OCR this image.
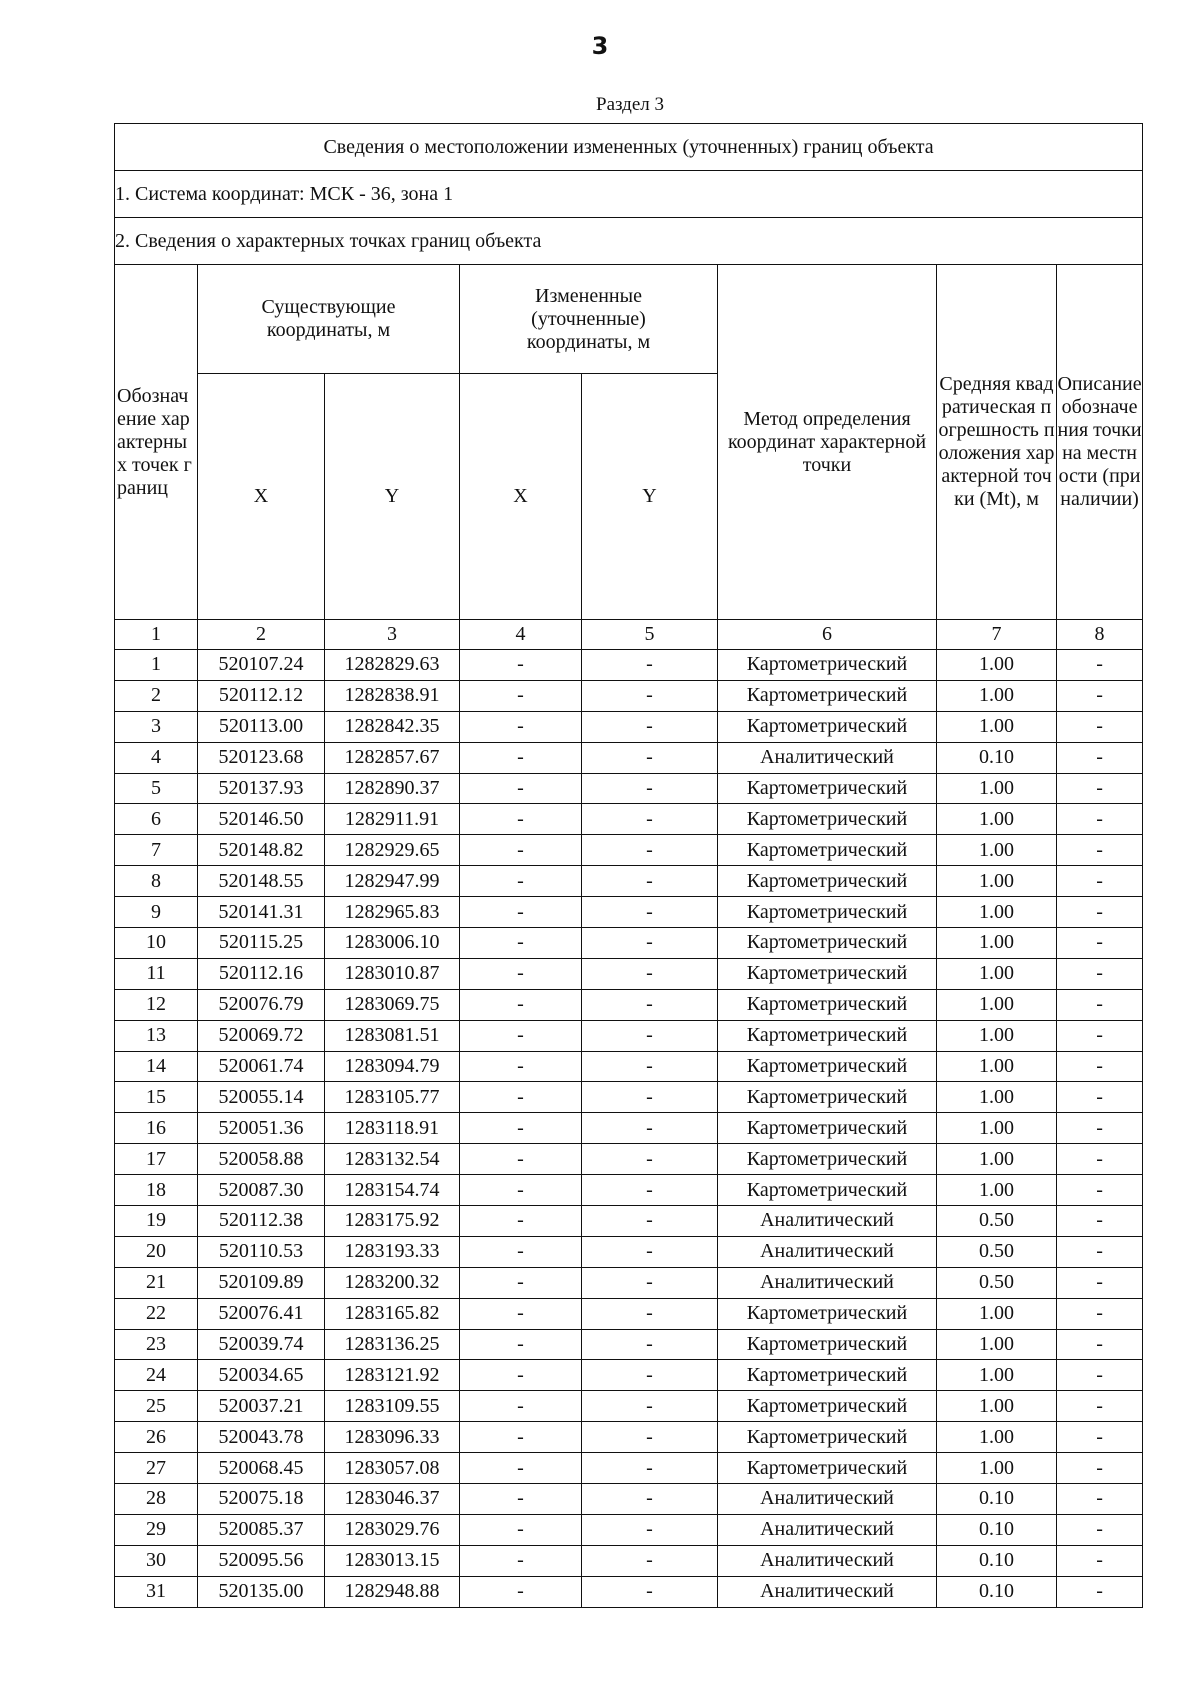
3
Раздел 3
Сведения о местоположении измененных (уточненных) границ объекта							
1. Система координат: МСК - 36, зона 1							
2. Сведения о характерных точках границ объекта							
Обозначение характерных точек границ	Существующие координаты, м		Измененные (уточненные) координаты, м		Метод определения координат характерной точки	Средняя квадратическая погрешность положения характерной точки (Mt), м	Описание обозначения точки на местности (при наличии)
	X	Y	X	Y			
1	2	3	4	5	6	7	8
1	520107.24	1282829.63	-	-	Картометрический	1.00	-
2	520112.12	1282838.91	-	-	Картометрический	1.00	-
3	520113.00	1282842.35	-	-	Картометрический	1.00	-
4	520123.68	1282857.67	-	-	Аналитический	0.10	-
5	520137.93	1282890.37	-	-	Картометрический	1.00	-
6	520146.50	1282911.91	-	-	Картометрический	1.00	-
7	520148.82	1282929.65	-	-	Картометрический	1.00	-
8	520148.55	1282947.99	-	-	Картометрический	1.00	-
9	520141.31	1282965.83	-	-	Картометрический	1.00	-
10	520115.25	1283006.10	-	-	Картометрический	1.00	-
11	520112.16	1283010.87	-	-	Картометрический	1.00	-
12	520076.79	1283069.75	-	-	Картометрический	1.00	-
13	520069.72	1283081.51	-	-	Картометрический	1.00	-
14	520061.74	1283094.79	-	-	Картометрический	1.00	-
15	520055.14	1283105.77	-	-	Картометрический	1.00	-
16	520051.36	1283118.91	-	-	Картометрический	1.00	-
17	520058.88	1283132.54	-	-	Картометрический	1.00	-
18	520087.30	1283154.74	-	-	Картометрический	1.00	-
19	520112.38	1283175.92	-	-	Аналитический	0.50	-
20	520110.53	1283193.33	-	-	Аналитический	0.50	-
21	520109.89	1283200.32	-	-	Аналитический	0.50	-
22	520076.41	1283165.82	-	-	Картометрический	1.00	-
23	520039.74	1283136.25	-	-	Картометрический	1.00	-
24	520034.65	1283121.92	-	-	Картометрический	1.00	-
25	520037.21	1283109.55	-	-	Картометрический	1.00	-
26	520043.78	1283096.33	-	-	Картометрический	1.00	-
27	520068.45	1283057.08	-	-	Картометрический	1.00	-
28	520075.18	1283046.37	-	-	Аналитический	0.10	-
29	520085.37	1283029.76	-	-	Аналитический	0.10	-
30	520095.56	1283013.15	-	-	Аналитический	0.10	-
31	520135.00	1282948.88	-	-	Аналитический	0.10	-
